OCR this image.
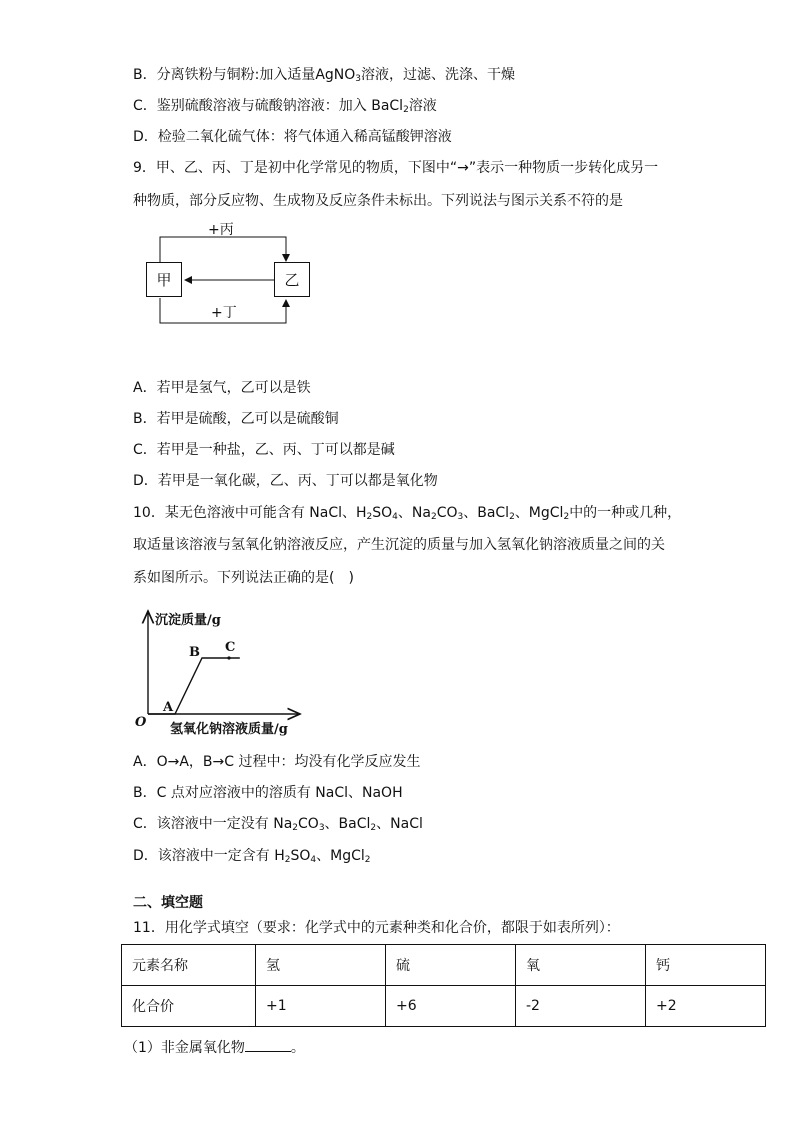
B．分离铁粉与铜粉:加入适量AgNO$_3$溶液，过滤、洗涤、干燥
C．鉴别硫酸溶液与硫酸钠溶液：加入 BaCl$_2$溶液
D．检验二氧化硫气体：将气体通入稀高锰酸钾溶液
9．甲、乙、丙、丁是初中化学常见的物质，下图中“→”表示一种物质一步转化成另一
种物质，部分反应物、生成物及反应条件未标出。下列说法与图示关系不符的是
甲	乙
+丙
+丁
A．若甲是氢气，乙可以是铁
B．若甲是硫酸，乙可以是硫酸铜
C．若甲是一种盐，乙、丙、丁可以都是碱
D．若甲是一氧化碳，乙、丙、丁可以都是氧化物
10．某无色溶液中可能含有 NaCl、$H_2SO_4$、$Na_2CO_3$、BaCl$_2$、MgCl$_2$中的一种或几种，
取适量该溶液与氢氧化钠溶液反应，产生沉淀的质量与加入氢氧化钠溶液质量之间的关
系如图所示。下列说法正确的是(　)
A
B C
沉淀质量/g
氢氧化钠溶液质量/g
O
A．O→A，B→C 过程中：均没有化学反应发生
B．C 点对应溶液中的溶质有 NaCl、NaOH
C．该溶液中一定没有 $Na_2CO_3$、BaCl$_2$、NaCl
D．该溶液中一定含有 $H_2SO_4$、MgCl$_2$
二、填空题
11．用化学式填空（要求：化学式中的元素种类和化合价，都限于如表所列）：
元素名称	氢	硫	氧	钙
化合价	+1	+6	-2	+2
（1）非金属氧化物	。
